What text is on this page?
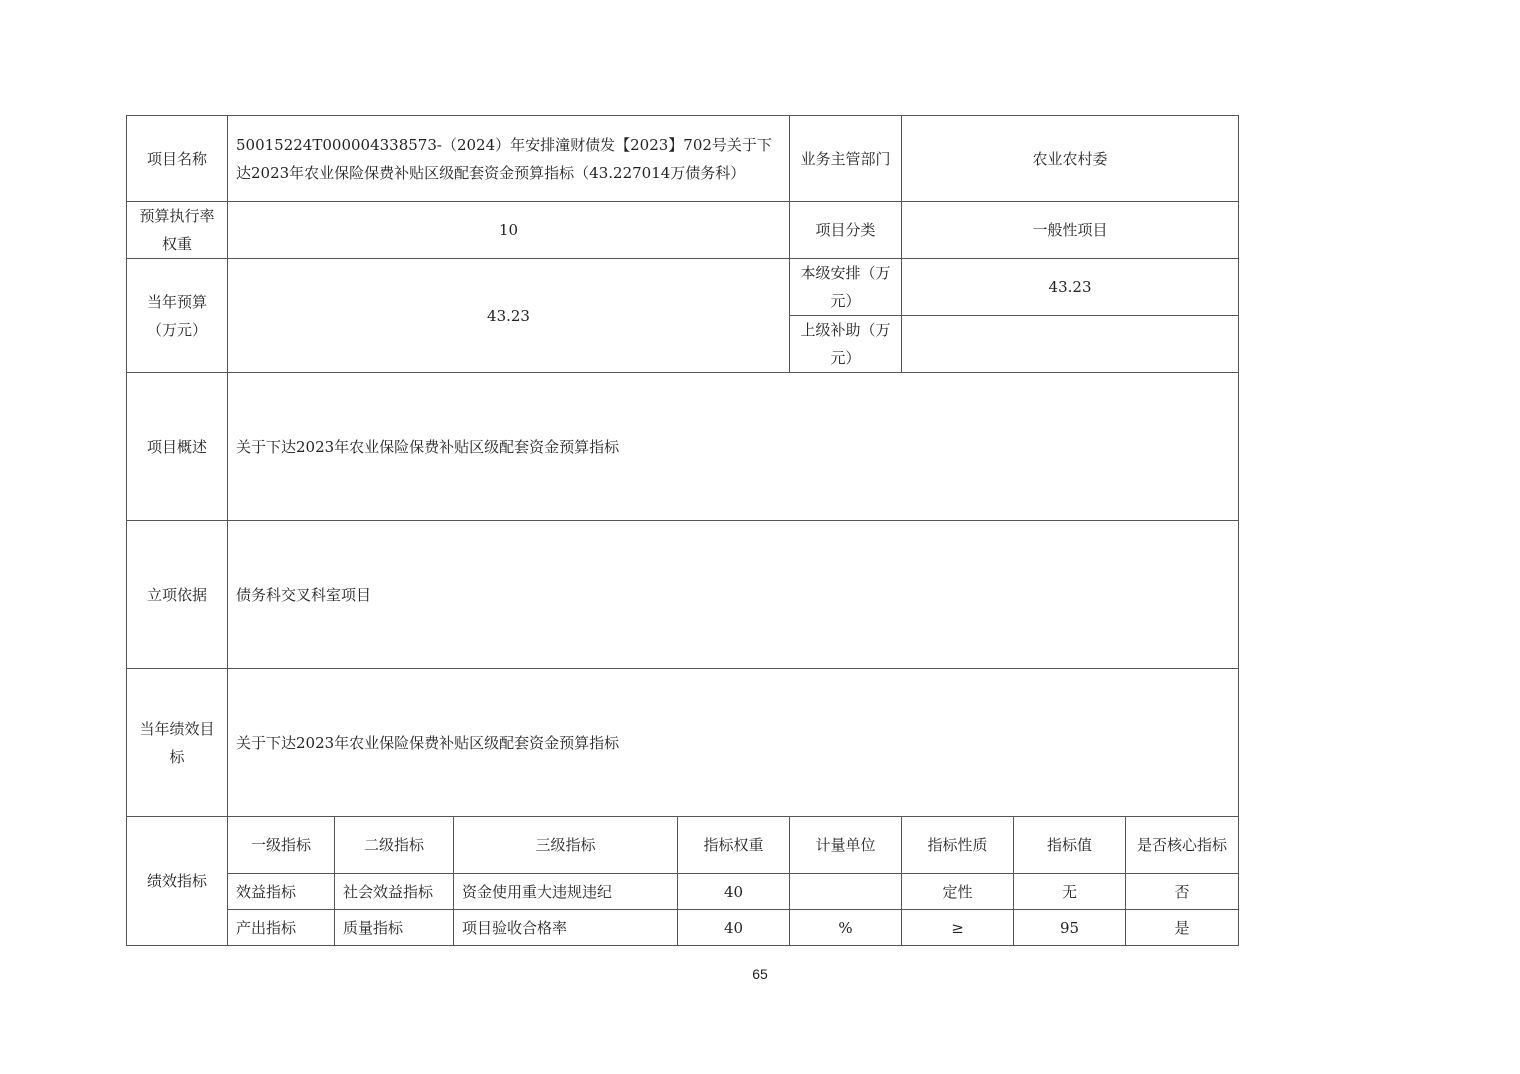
项目名称	50015224T000004338573-（2024）年安排潼财债发【2023】702号关于下达2023年农业保险保费补贴区级配套资金预算指标（43.227014万债务科）				业务主管部门	农业农村委		
预算执行率权重	10				项目分类	一般性项目		
当年预算（万元）	43.23				本级安排（万元）	43.23		
					上级补助（万元）			
项目概述	关于下达2023年农业保险保费补贴区级配套资金预算指标							
立项依据	债务科交叉科室项目							
当年绩效目标	关于下达2023年农业保险保费补贴区级配套资金预算指标							
绩效指标	一级指标	二级指标	三级指标	指标权重	计量单位	指标性质	指标值	是否核心指标
	效益指标	社会效益指标	资金使用重大违规违纪	40		定性	无	否
	产出指标	质量指标	项目验收合格率	40	%	≥	95	是
65
